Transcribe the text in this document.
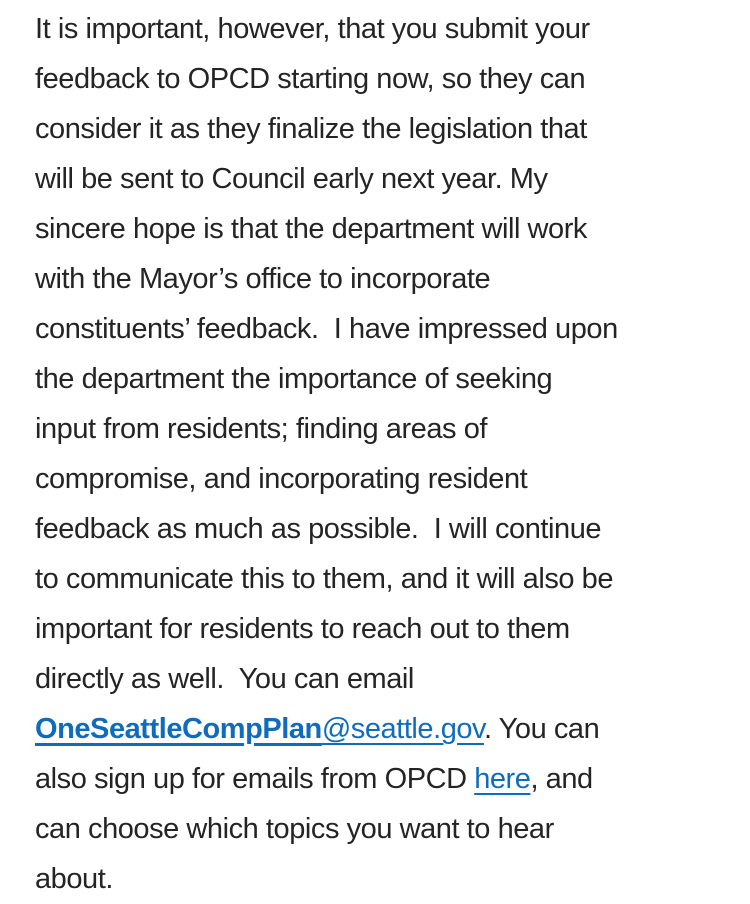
It is important, however, that you submit your
feedback to OPCD starting now, so they can
consider it as they finalize the legislation that
will be sent to Council early next year. My
sincere hope is that the department will work
with the Mayor’s office to incorporate
constituents’ feedback.  I have impressed upon
the department the importance of seeking
input from residents; finding areas of
compromise, and incorporating resident
feedback as much as possible.  I will continue
to communicate this to them, and it will also be
important for residents to reach out to them
directly as well.  You can email
OneSeattleCompPlan@seattle.gov. You can
also sign up for emails from OPCD here, and
can choose which topics you want to hear
about.
